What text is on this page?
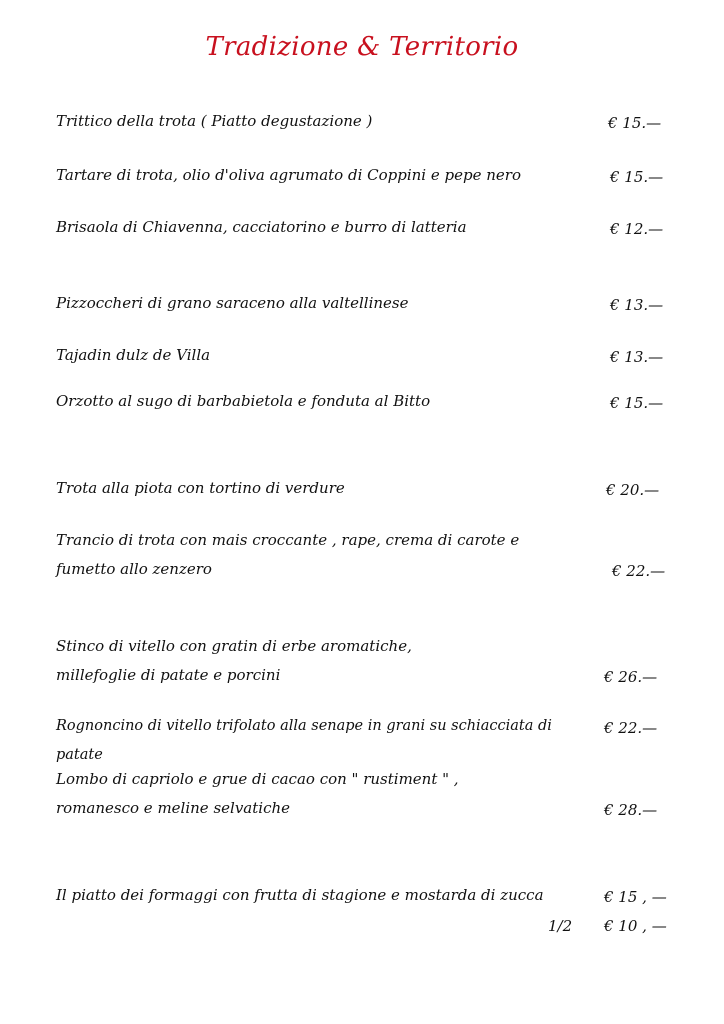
Tradizione & Territorio
Trittico della trota ( Piatto degustazione )	€ 15.—
Tartare di trota, olio d'oliva agrumato di Coppini e pepe nero	€ 15.—
Brisaola di Chiavenna, cacciatorino e burro di latteria	€ 12.—
Pizzoccheri di grano saraceno alla valtellinese	€ 13.—
Tajadin dulz de Villa	€ 13.—
Orzotto al sugo di barbabietola e fonduta al Bitto	€ 15.—
Trota alla piota con tortino di verdure	€ 20.—
Trancio di trota con mais croccante , rape, crema di carote e
fumetto allo zenzero	€ 22.—
Stinco di vitello con gratin di erbe aromatiche,
millefoglie di patate e porcini	€ 26.—
Rognoncino di vitello trifolato alla senape in grani su schiacciata di patate
€ 22.—
Lombo di capriolo e grue di cacao con " rustiment " ,
romanesco e meline selvatiche	€ 28.—
Il piatto dei formaggi con frutta di stagione e mostarda di zucca	€ 15 , —
1/2 € 10 , —
